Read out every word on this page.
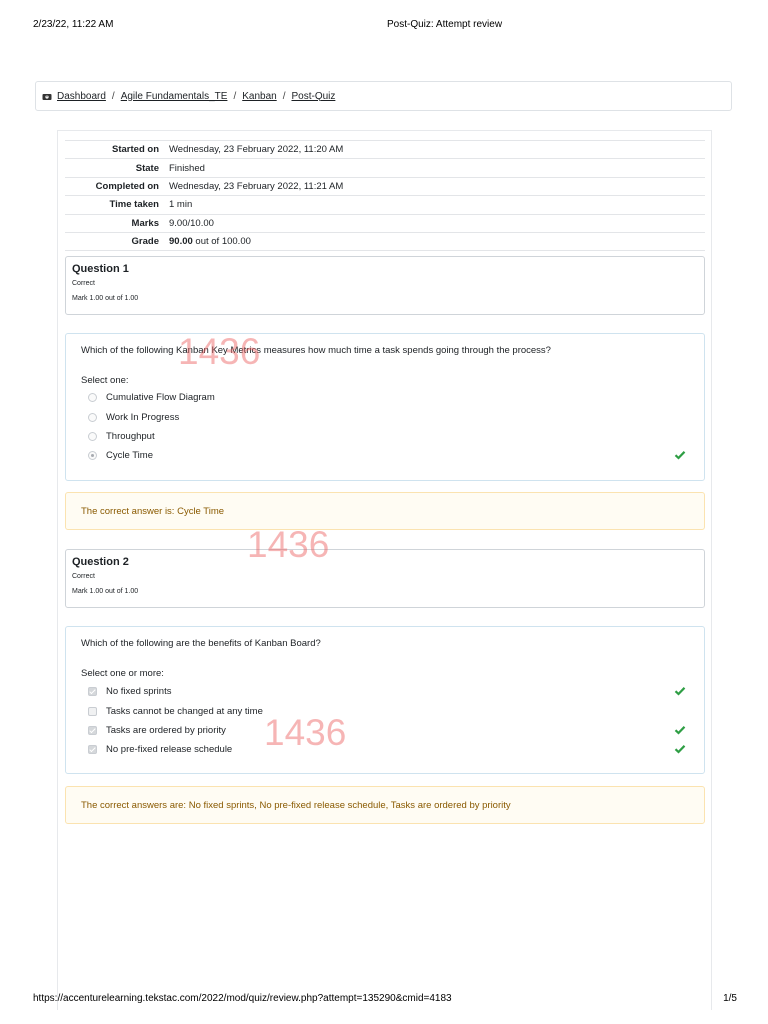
2/23/22, 11:22 AM	Post-Quiz: Attempt review
Dashboard / Agile Fundamentals_TE / Kanban / Post-Quiz
Started on	Wednesday, 23 February 2022, 11:20 AM
State	Finished
Completed on	Wednesday, 23 February 2022, 11:21 AM
Time taken	1 min
Marks	9.00/10.00
Grade	90.00 out of 100.00
Question 1
Correct
Mark 1.00 out of 1.00
Which of the following Kanban Key Metrics measures how much time a task spends going through the process?
Select one:
Cumulative Flow Diagram
Work In Progress
Throughput
Cycle Time
The correct answer is: Cycle Time
Question 2
Correct
Mark 1.00 out of 1.00
Which of the following are the benefits of Kanban Board?
Select one or more:
No fixed sprints
Tasks cannot be changed at any time
Tasks are ordered by priority
No pre-fixed release schedule
The correct answers are: No fixed sprints, No pre-fixed release schedule, Tasks are ordered by priority
1436
1436
1436
https://accenturelearning.tekstac.com/2022/mod/quiz/review.php?attempt=135290&cmid=4183	1/5
